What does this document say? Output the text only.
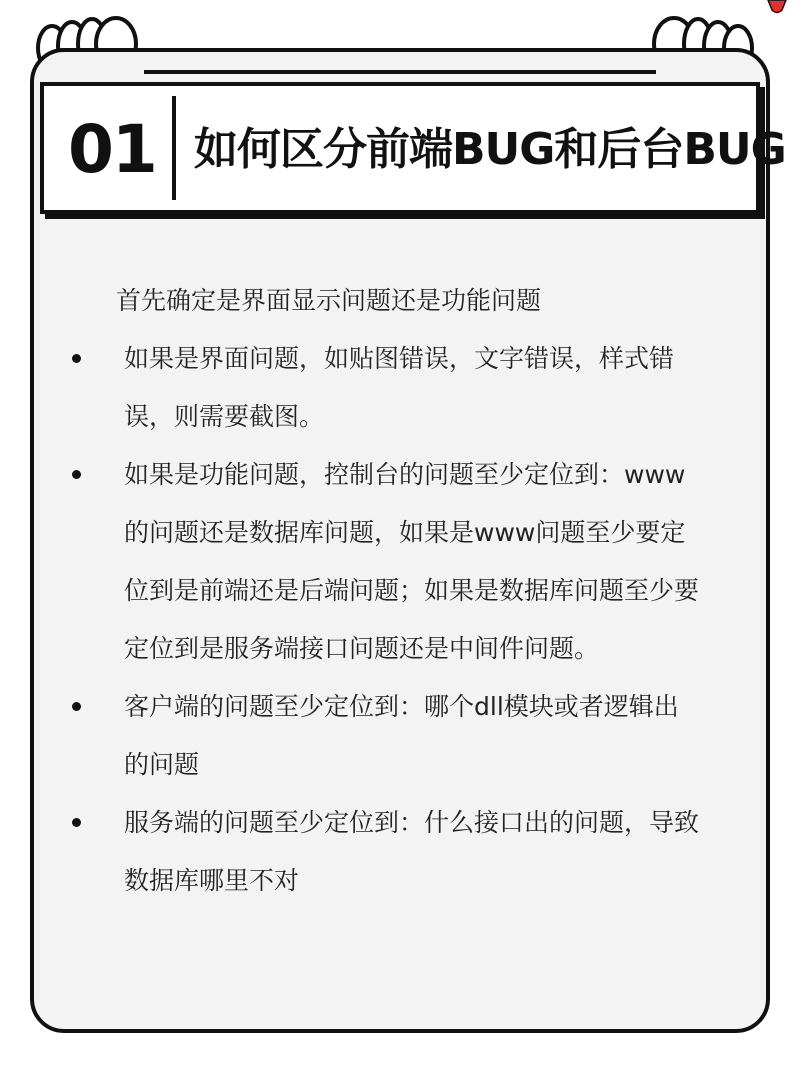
01 如何区分前端BUG和后台BUG

首先确定是界面显示问题还是功能问题

如果是界面问题，如贴图错误，文字错误，样式错误，则需要截图。
如果是功能问题，控制台的问题至少定位到：www的问题还是数据库问题，如果是www问题至少要定位到是前端还是后端问题；如果是数据库问题至少要定位到是服务端接口问题还是中间件问题。
客户端的问题至少定位到：哪个dll模块或者逻辑出的问题
服务端的问题至少定位到：什么接口出的问题，导致数据库哪里不对
